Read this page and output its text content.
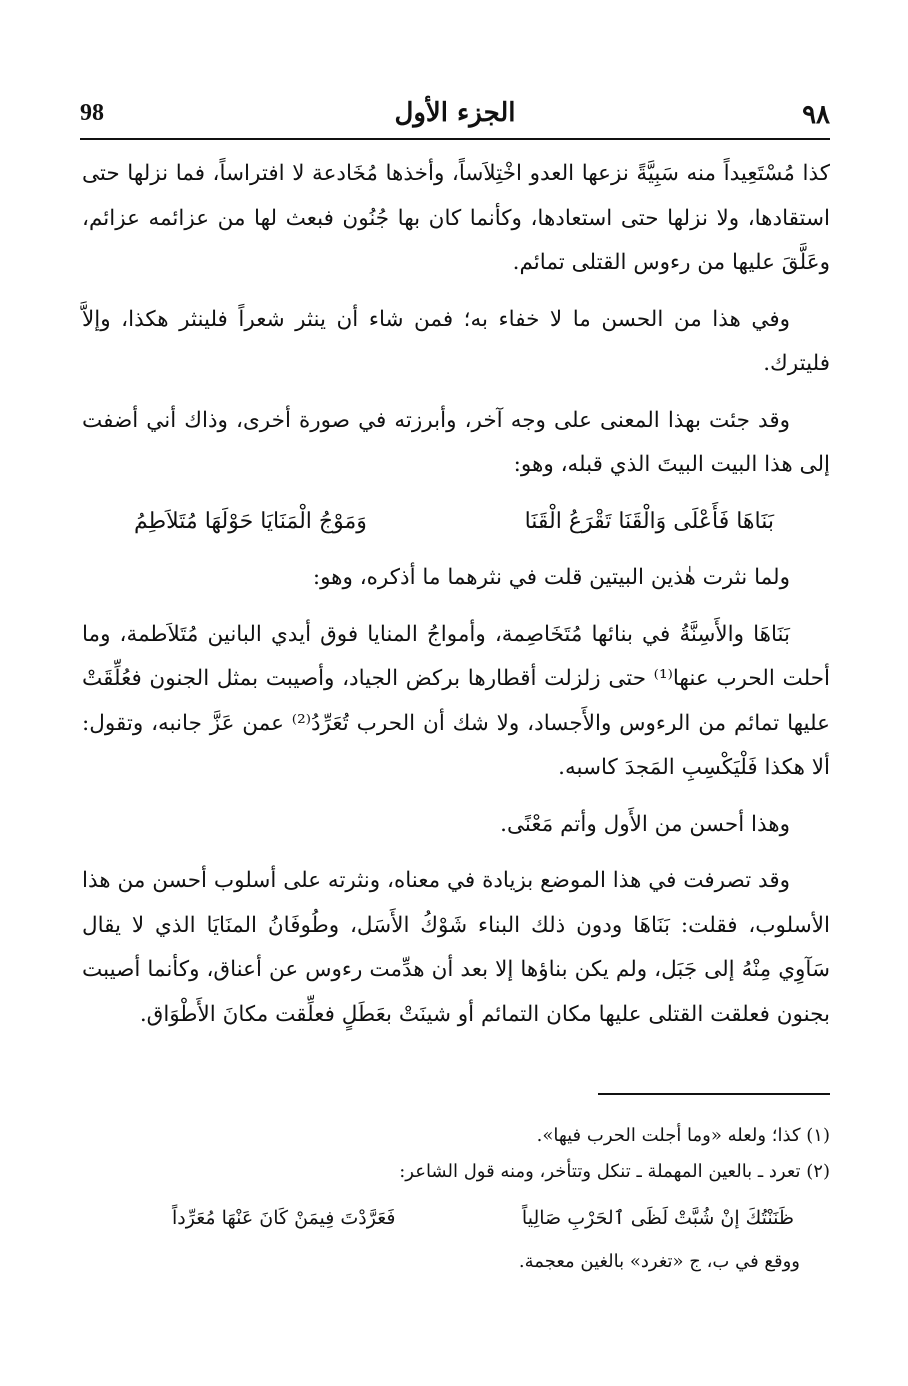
٩٨
الجزء الأول
98

كذا مُسْتَعِيداً منه سَبِيَّةً نزعها العدو اخْتِلاَساً، وأخذها مُخَادعة لا افتراساً، فما نزلها حتى استقادها، ولا نزلها حتى استعادها، وكأنما كان بها جُنُون فبعث لها من عزائمه عزائم، وعَلَّقَ عليها من رءوس القتلى تمائم.

وفي هذا من الحسن ما لا خفاء به؛ فمن شاء أن ينثر شعراً فلينثر هكذا، وإلاَّ فليترك.

وقد جئت بهذا المعنى على وجه آخر، وأبرزته في صورة أخرى، وذاك أني أضفت إلى هذا البيت البيتَ الذي قبله، وهو:

بَنَاهَا فَأَعْلَى وَالْقَنَا تَقْرَعُ الْقَنَا
وَمَوْجُ الْمَنَايَا حَوْلَهَا مُتَلاَطِمُ

ولما نثرت هٰذين البيتين قلت في نثرهما ما أذكره، وهو:

بَنَاهَا والأَسِنَّةُ في بنائها مُتَخَاصِمة، وأمواجُ المنايا فوق أيدي البانين مُتَلاَطمة، وما أحلت الحرب عنها⁽¹⁾ حتى زلزلت أقطارها بركض الجياد، وأصيبت بمثل الجنون فعُلِّقَتْ عليها تمائم من الرءوس والأَجساد، ولا شك أن الحرب تُعَرِّدُ⁽²⁾ عمن عَزَّ جانبه، وتقول: ألا هكذا فَلْيَكْسِبِ المَجدَ كاسبه.

وهذا أحسن من الأَول وأتم مَعْنًى.

وقد تصرفت في هذا الموضع بزيادة في معناه، ونثرته على أسلوب أحسن من هذا الأسلوب، فقلت: بَنَاهَا ودون ذلك البناء شَوْكُ الأَسَل، وطُوفَانُ المنَايَا الذي لا يقال سَآوِي مِنْهُ إلى جَبَل، ولم يكن بناؤها إلا بعد أن هدِّمت رءوس عن أعناق، وكأنما أصيبت بجنون فعلقت القتلى عليها مكان التمائم أو شينَتْ بعَطَلٍ فعلِّقت مكانَ الأَطْوَاق.

(١) كذا؛ ولعله «وما أجلت الحرب فيها».

(٢) تعرد ـ بالعين المهملة ـ تنكل وتتأخر، ومنه قول الشاعر:

ظَنَنْتُكَ إنْ شُبَّتْ لَظَى ٱلحَرْبِ صَالِياً
فَعَرَّدْتَ فِيمَنْ كَانَ عَنْهَا مُعَرِّداً

ووقع في ب، ج «تغرد» بالغين معجمة.
